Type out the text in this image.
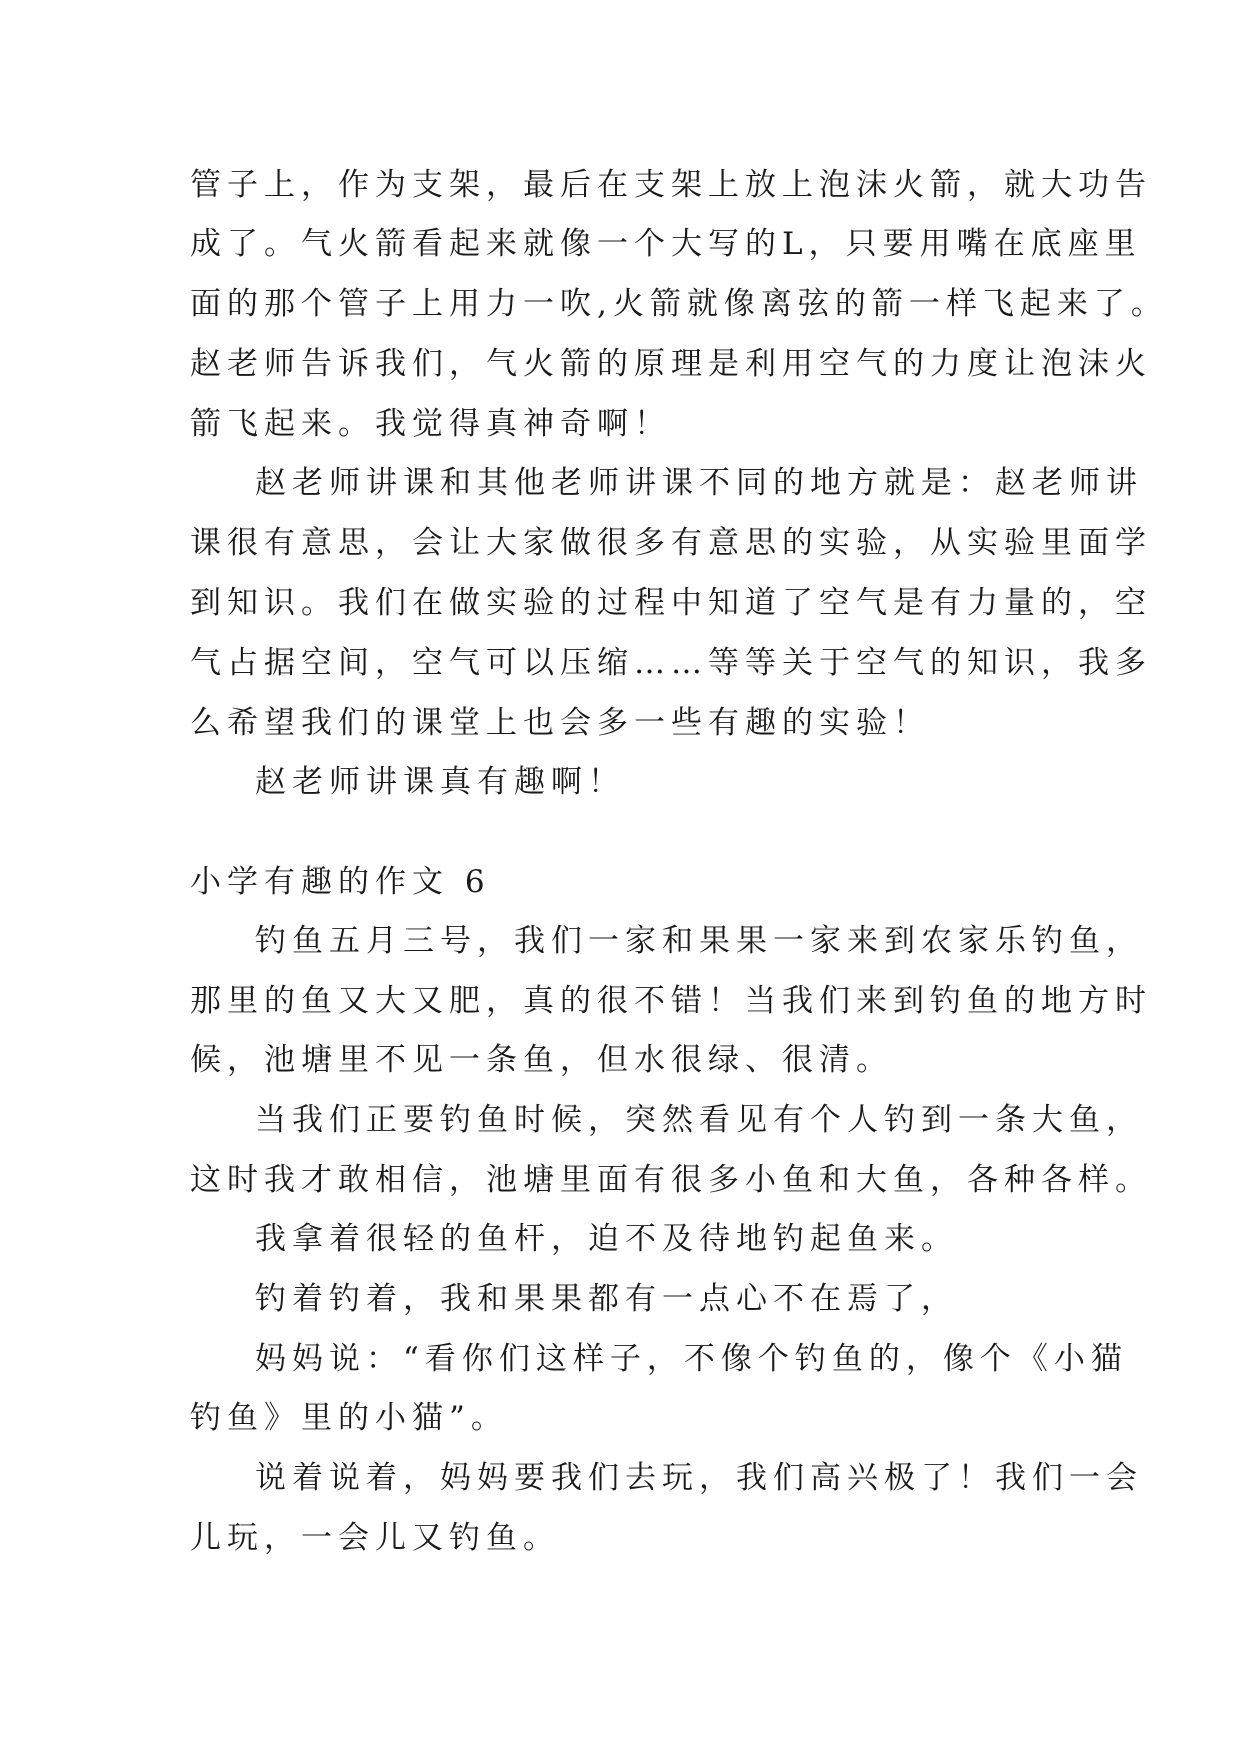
管子上，作为支架，最后在支架上放上泡沫火箭，就大功告
成了。气火箭看起来就像一个大写的L，只要用嘴在底座里
面的那个管子上用力一吹,火箭就像离弦的箭一样飞起来了。
赵老师告诉我们，气火箭的原理是利用空气的力度让泡沫火
箭飞起来。我觉得真神奇啊！
赵老师讲课和其他老师讲课不同的地方就是：赵老师讲
课很有意思，会让大家做很多有意思的实验，从实验里面学
到知识。我们在做实验的过程中知道了空气是有力量的，空
气占据空间，空气可以压缩……等等关于空气的知识，我多
么希望我们的课堂上也会多一些有趣的实验！
赵老师讲课真有趣啊！
小学有趣的作文 6
钓鱼五月三号，我们一家和果果一家来到农家乐钓鱼，
那里的鱼又大又肥，真的很不错！当我们来到钓鱼的地方时
候，池塘里不见一条鱼，但水很绿、很清。
当我们正要钓鱼时候，突然看见有个人钓到一条大鱼，
这时我才敢相信，池塘里面有很多小鱼和大鱼，各种各样。
我拿着很轻的鱼杆，迫不及待地钓起鱼来。
钓着钓着，我和果果都有一点心不在焉了，
妈妈说：“看你们这样子，不像个钓鱼的，像个《小猫
钓鱼》里的小猫”。
说着说着，妈妈要我们去玩，我们高兴极了！我们一会
儿玩，一会儿又钓鱼。
